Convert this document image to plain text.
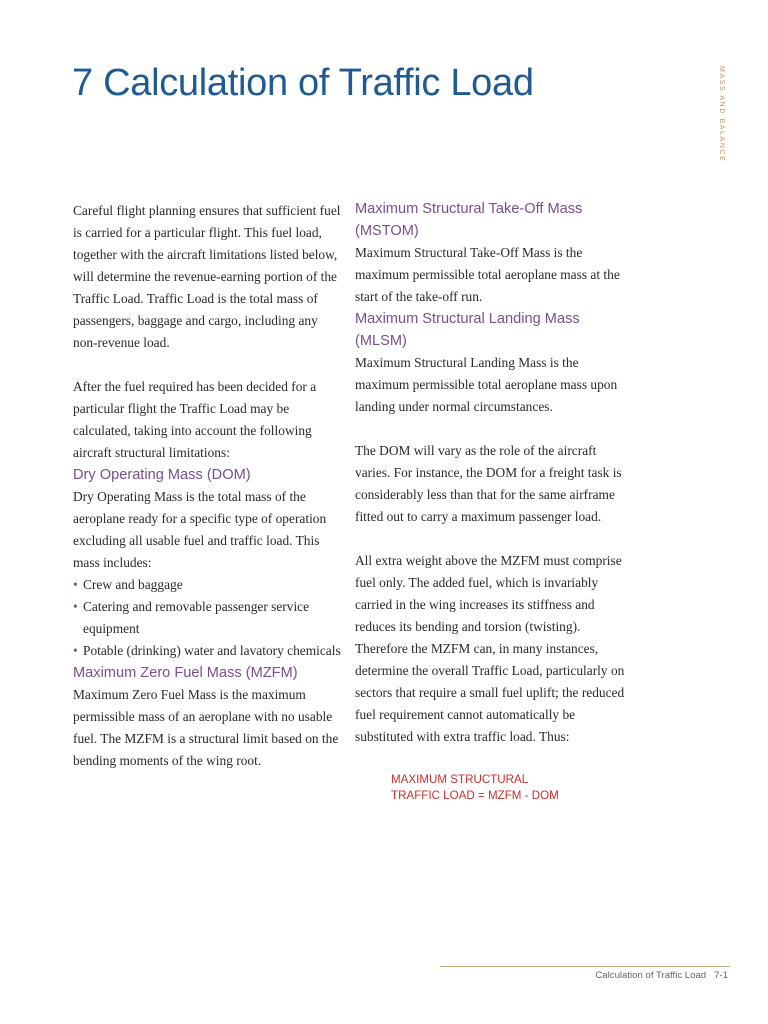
7 Calculation of Traffic Load	MASS AND BALANCE

Careful flight planning ensures that sufficient fuel is carried for a particular flight. This fuel load, together with the aircraft limitations listed below, will determine the revenue-earning portion of the Traffic Load. Traffic Load is the total mass of passengers, baggage and cargo, including any non-revenue load.

After the fuel required has been decided for a particular flight the Traffic Load may be calculated, taking into account the following aircraft structural limitations:

Dry Operating Mass (DOM)

Dry Operating Mass is the total mass of the aeroplane ready for a specific type of operation excluding all usable fuel and traffic load. This mass includes:

• Crew and baggage
• Catering and removable passenger service equipment
• Potable (drinking) water and lavatory chemicals
Maximum Zero Fuel Mass (MZFM)

Maximum Zero Fuel Mass is the maximum permissible mass of an aeroplane with no usable fuel. The MZFM is a structural limit based on the bending moments of the wing root.

Maximum Structural Take-Off Mass (MSTOM)

Maximum Structural Take-Off Mass is the maximum permissible total aeroplane mass at the start of the take-off run.

Maximum Structural Landing Mass (MLSM)

Maximum Structural Landing Mass is the maximum permissible total aeroplane mass upon landing under normal circumstances.

The DOM will vary as the role of the aircraft varies. For instance, the DOM for a freight task is considerably less than that for the same airframe fitted out to carry a maximum passenger load.

All extra weight above the MZFM must comprise fuel only. The added fuel, which is invariably carried in the wing increases its stiffness and reduces its bending and torsion (twisting). Therefore the MZFM can, in many instances, determine the overall Traffic Load, particularly on sectors that require a small fuel uplift; the reduced fuel requirement cannot automatically be substituted with extra traffic load. Thus:

MAXIMUM STRUCTURAL
TRAFFIC LOAD = MZFM - DOM
Calculation of Traffic Load 7-1
